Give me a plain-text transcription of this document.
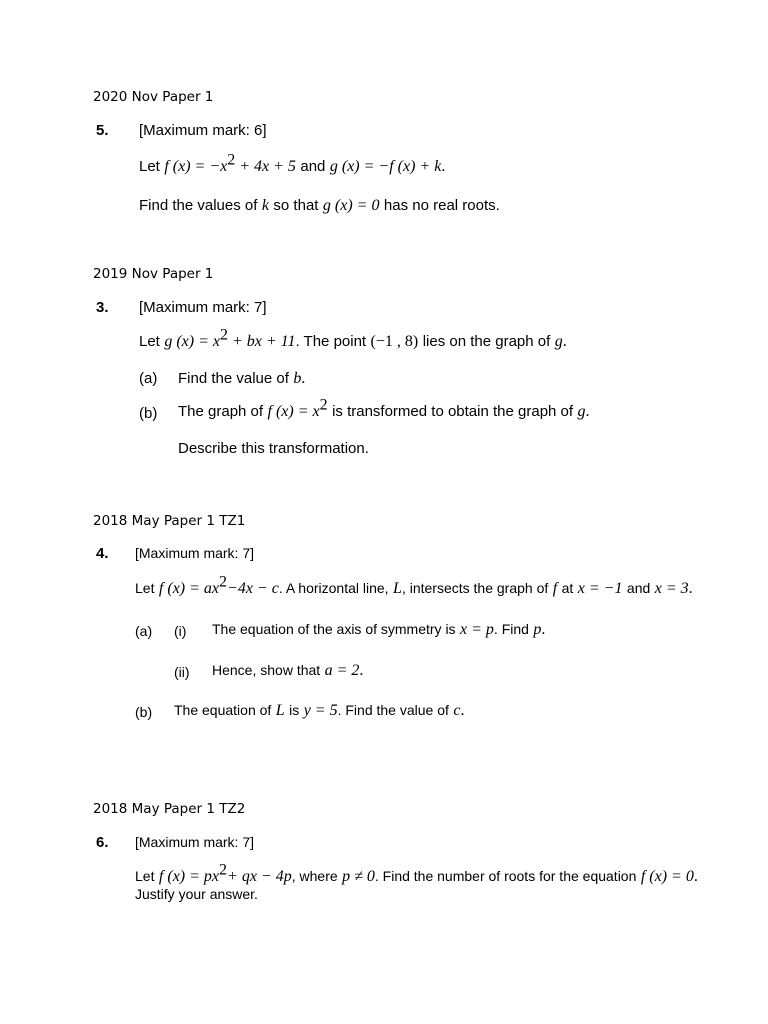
2020 Nov Paper 1
5. [Maximum mark: 6]
Let f $(x) = -x^2 + 4x + 5$ and g (x) = −f (x) + k.
Find the values of k so that g (x) = 0 has no real roots.
2019 Nov Paper 1
3. [Maximum mark: 7]
Let g $(x) = x^2$ + bx + 11. The point (−1 , 8) lies on the graph of g.
(a) Find the value of b.
(b) The graph of f $(x) = x^2$ is transformed to obtain the graph of g.
Describe this transformation.
2018 May Paper 1 TZ1
4. [Maximum mark: 7]
Let f $(x) = ax^2-4x - c$. A horizontal line, L, intersects the graph of f at x = −1 and x = 3.
(a) (i) The equation of the axis of symmetry is x = p. Find p.
(ii) Hence, show that a = 2.
(b) The equation of L is y = 5. Find the value of c.
2018 May Paper 1 TZ2
6. [Maximum mark: 7]
Let f $(x) = px^2+$ qx − 4p, where p ≠ 0. Find the number of roots for the equation f (x) = 0.
Justify your answer.
